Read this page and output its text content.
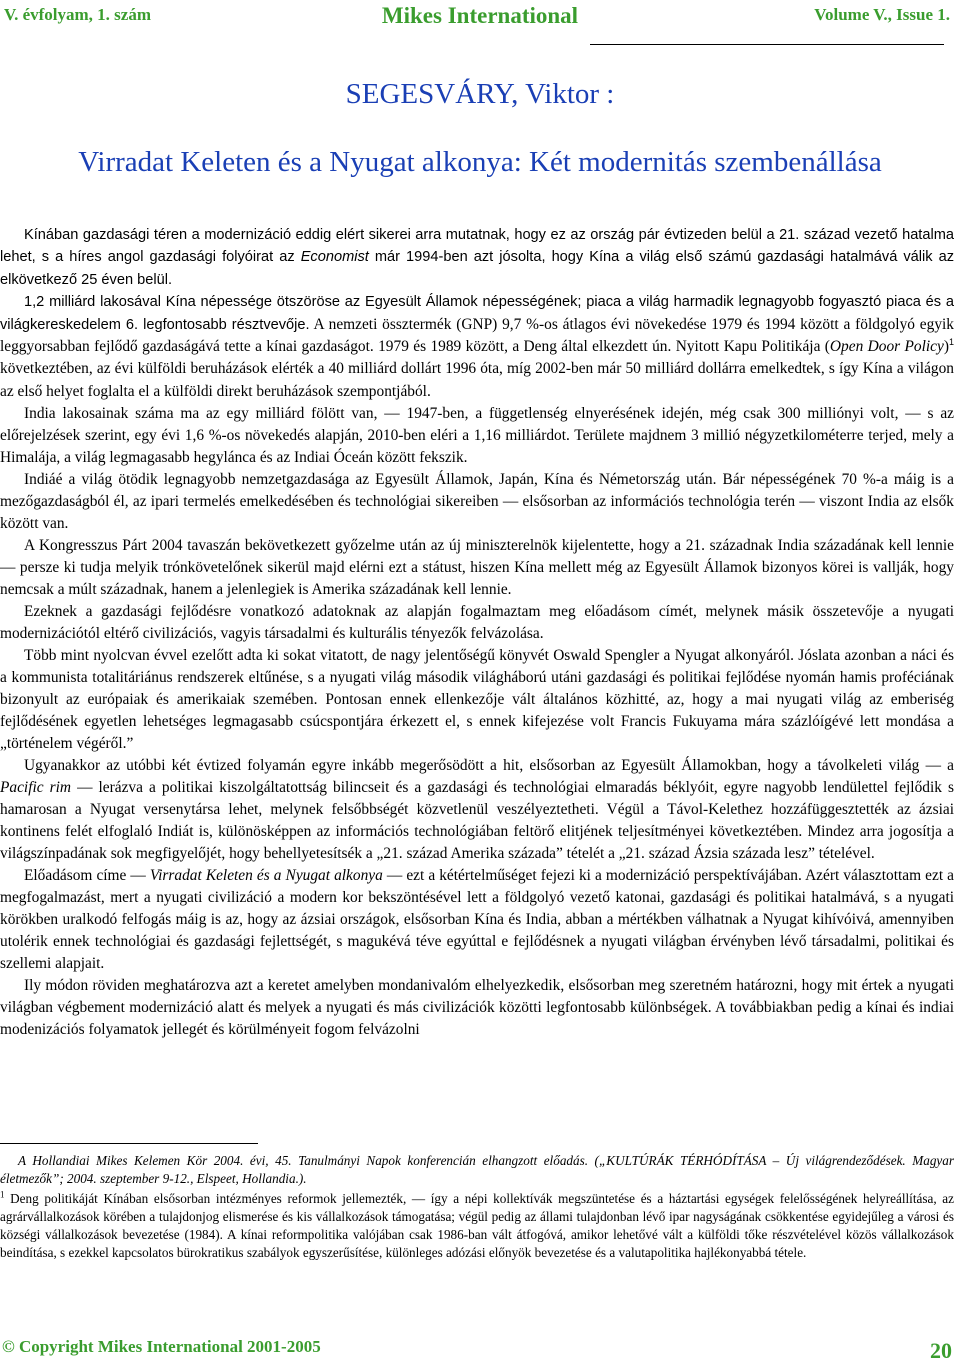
V. évfolyam, 1. szám	Mikes International	Volume V., Issue 1.
SEGESVÁRY, Viktor :
Virradat Keleten és a Nyugat alkonya: Két modernitás szembenállása

Kínában gazdasági téren a modernizáció eddig elért sikerei arra mutatnak, hogy ez az ország pár évtizeden belül a 21. század vezető hatalma lehet, s a híres angol gazdasági folyóirat az Economist már 1994-ben azt jósolta, hogy Kína a világ első számú gazdasági hatalmává válik az elkövetkező 25 éven belül.

1,2 milliárd lakosával Kína népessége ötszöröse az Egyesült Államok népességének; piaca a világ harmadik legnagyobb fogyasztó piaca és a világkereskedelem 6. legfontosabb résztvevője. A nemzeti össztermék (GNP) 9,7 %-os átlagos évi növekedése 1979 és 1994 között a földgolyó egyik leggyorsabban fejlődő gazdaságává tette a kínai gazdaságot. 1979 és 1989 között, a Deng által elkezdett ún. Nyitott Kapu Politikája (Open Door Policy)$^1$ következtében, az évi külföldi beruházások elérték a 40 milliárd dollárt 1996 óta, míg 2002-ben már 50 milliárd dollárra emelkedtek, s így Kína a világon az első helyet foglalta el a külföldi direkt beruházások szempontjából.

India lakosainak száma ma az egy milliárd fölött van, — 1947-ben, a függetlenség elnyerésének idején, még csak 300 milliónyi volt, — s az előrejelzések szerint, egy évi 1,6 %-os növekedés alapján, 2010-ben eléri a 1,16 milliárdot. Területe majdnem 3 millió négyzetkilométerre terjed, mely a Himalája, a világ legmagasabb hegylánca és az Indiai Óceán között fekszik.

Indiáé a világ ötödik legnagyobb nemzetgazdasága az Egyesült Államok, Japán, Kína és Németország után. Bár népességének 70 %-a máig is a mezőgazdaságból él, az ipari termelés emelkedésében és technológiai sikereiben — elsősorban az információs technológia terén — viszont India az elsők között van.

A Kongresszus Párt 2004 tavaszán bekövetkezett győzelme után az új miniszterelnök kijelentette, hogy a 21. századnak India századának kell lennie — persze ki tudja melyik trónkövetelőnek sikerül majd elérni ezt a státust, hiszen Kína mellett még az Egyesült Államok bizonyos körei is vallják, hogy nemcsak a múlt századnak, hanem a jelenlegiek is Amerika századának kell lennie.

Ezeknek a gazdasági fejlődésre vonatkozó adatoknak az alapján fogalmaztam meg előadásom címét, melynek másik összetevője a nyugati modernizációtól eltérő civilizációs, vagyis társadalmi és kulturális tényezők felvázolása.

Több mint nyolcvan évvel ezelőtt adta ki sokat vitatott, de nagy jelentőségű könyvét Oswald Spengler a Nyugat alkonyáról. Jóslata azonban a náci és a kommunista totalitáriánus rendszerek eltűnése, s a nyugati világ második világháború utáni gazdasági és politikai fejlődése nyomán hamis proféciának bizonyult az európaiak és amerikaiak szemében. Pontosan ennek ellenkezője vált általános közhitté, az, hogy a mai nyugati világ az emberiség fejlődésének egyetlen lehetséges legmagasabb csúcspontjára érkezett el, s ennek kifejezése volt Francis Fukuyama mára százlóígévé lett mondása a „történelem végéről.”

Ugyanakkor az utóbbi két évtized folyamán egyre inkább megerősödött a hit, elsősorban az Egyesült Államokban, hogy a távolkeleti világ — a Pacific rim — lerázva a politikai kiszolgáltatottság bilincseit és a gazdasági és technológiai elmaradás béklyóit, egyre nagyobb lendülettel fejlődik s hamarosan a Nyugat versenytársa lehet, melynek felsőbbségét közvetlenül veszélyeztetheti. Végül a Távol-Kelethez hozzáfüggesztették az ázsiai kontinens felét elfoglaló Indiát is, különösképpen az információs technológiában feltörő elitjének teljesítményei következtében. Mindez arra jogosítja a világszínpadának sok megfigyelőjét, hogy behellyetesítsék a „21. század Amerika százada” tételét a „21. század Ázsia százada lesz” tételével.

Előadásom címe — Virradat Keleten és a Nyugat alkonya — ezt a kétértelműséget fejezi ki a modernizáció perspektívájában. Azért választottam ezt a megfogalmazást, mert a nyugati civilizáció a modern kor bekszöntésével lett a földgolyó vezető katonai, gazdasági és politikai hatalmává, s a nyugati körökben uralkodó felfogás máig is az, hogy az ázsiai országok, elsősorban Kína és India, abban a mértékben válhatnak a Nyugat kihívóivá, amennyiben utolérik ennek technológiai és gazdasági fejlettségét, s magukévá téve egyúttal e fejlődésnek a nyugati világban érvényben lévő társadalmi, politikai és szellemi alapjait.

Ily módon röviden meghatározva azt a keretet amelyben mondanivalóm elhelyezkedik, elsősorban meg szeretném határozni, hogy mit értek a nyugati világban végbement modernizáció alatt és melyek a nyugati és más civilizációk közötti legfontosabb különbségek. A továbbiakban pedig a kínai és indiai modenizációs folyamatok jellegét és körülményeit fogom felvázolni

A Hollandiai Mikes Kelemen Kör 2004. évi, 45. Tanulmányi Napok konferencián elhangzott előadás. („KULTÚRÁK TÉRHÓDÍTÁSA – Új világrendeződések. Magyar életmezők”; 2004. szeptember 9-12., Elspeet, Hollandia.).

$^1$ Deng politikáját Kínában elsősorban intézményes reformok jellemezték, — így a népi kollektívák megszüntetése és a háztartási egységek felelősségének helyreállítása, az agrárvállalkozások körében a tulajdonjog elismerése és kis vállalkozások támogatása; végül pedig az állami tulajdonban lévő ipar nagyságának csökkentése egyidejűleg a városi és községi vállalkozások bevezetése (1984). A kínai reformpolitika valójában csak 1986-ban vált átfogóvá, amikor lehetővé vált a külföldi tőke részvételével közös vállalkozások beindítása, s ezekkel kapcsolatos bürokratikus szabályok egyszerűsítése, különleges adózási előnyök bevezetése és a valutapolitika hajlékonyabbá tétele.

© Copyright Mikes International 2001-2005	20
